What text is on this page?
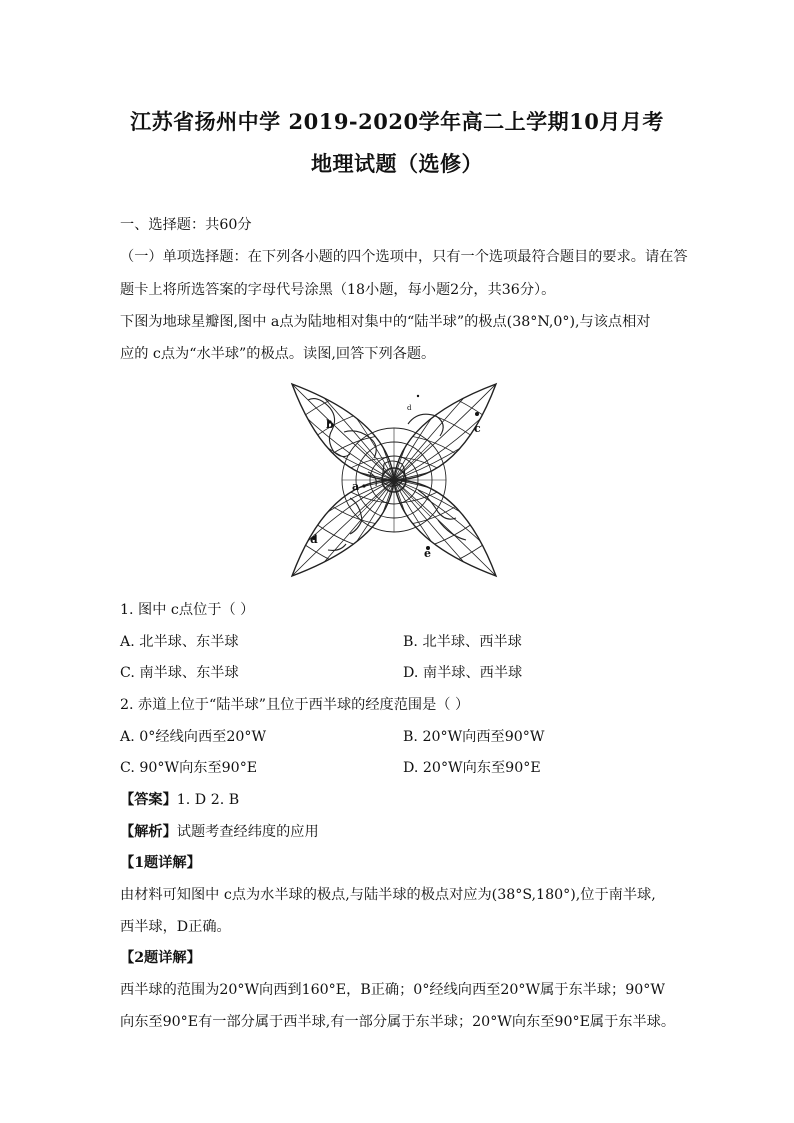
江苏省扬州中学 2019-2020学年高二上学期10月月考
地理试题（选修）
一、选择题：共60分
（一）单项选择题：在下列各小题的四个选项中，只有一个选项最符合题目的要求。请在答
题卡上将所选答案的字母代号涂黑（18小题，每小题2分，共36分）。
下图为地球星瓣图,图中 a点为陆地相对集中的“陆半球”的极点(38°N,0°),与该点相对
应的 c点为“水半球”的极点。读图,回答下列各题。
b	c
d
e
a
d
1. 图中 c点位于（ ）
A. 北半球、东半球	B. 北半球、西半球
C. 南半球、东半球	D. 南半球、西半球
2. 赤道上位于“陆半球”且位于西半球的经度范围是（ ）
A. 0°经线向西至20°W	B. 20°W向西至90°W
C. 90°W向东至90°E	D. 20°W向东至90°E
【答案】1. D 2. B
【解析】试题考查经纬度的应用
【1题详解】
由材料可知图中 c点为水半球的极点,与陆半球的极点对应为(38°S,180°),位于南半球,
西半球，D正确。
【2题详解】
西半球的范围为20°W向西到160°E，B正确；0°经线向西至20°W属于东半球；90°W
向东至90°E有一部分属于西半球,有一部分属于东半球；20°W向东至90°E属于东半球。
